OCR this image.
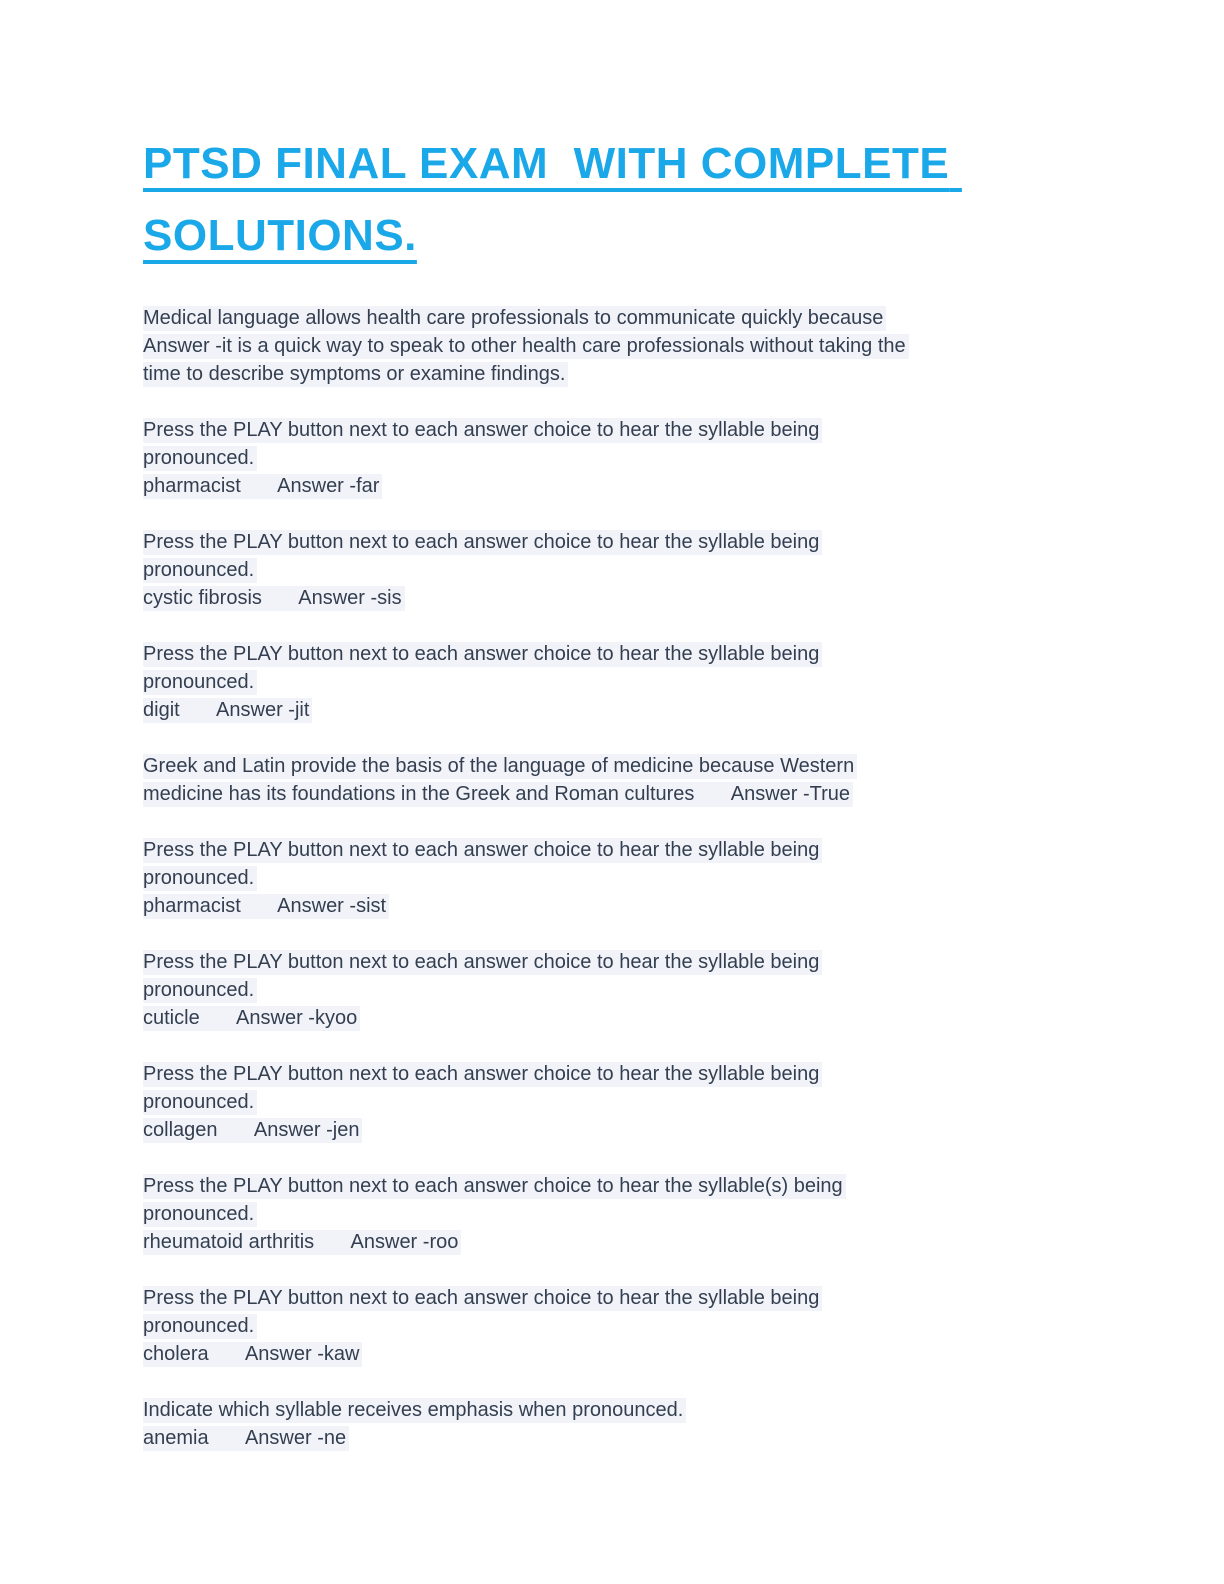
PTSD FINAL EXAM  WITH COMPLETE SOLUTIONS.
Medical language allows health care professionals to communicate quickly because
Answer -it is a quick way to speak to other health care professionals without taking the
time to describe symptoms or examine findings.
Press the PLAY button next to each answer choice to hear the syllable being
pronounced.
pharmacist Answer -far
Press the PLAY button next to each answer choice to hear the syllable being
pronounced.
cystic fibrosis Answer -sis
Press the PLAY button next to each answer choice to hear the syllable being
pronounced.
digit Answer -jit
Greek and Latin provide the basis of the language of medicine because Western
medicine has its foundations in the Greek and Roman cultures Answer -True
Press the PLAY button next to each answer choice to hear the syllable being
pronounced.
pharmacist Answer -sist
Press the PLAY button next to each answer choice to hear the syllable being
pronounced.
cuticle Answer -kyoo
Press the PLAY button next to each answer choice to hear the syllable being
pronounced.
collagen Answer -jen
Press the PLAY button next to each answer choice to hear the syllable(s) being
pronounced.
rheumatoid arthritis Answer -roo
Press the PLAY button next to each answer choice to hear the syllable being
pronounced.
cholera Answer -kaw
Indicate which syllable receives emphasis when pronounced.
anemia Answer -ne
